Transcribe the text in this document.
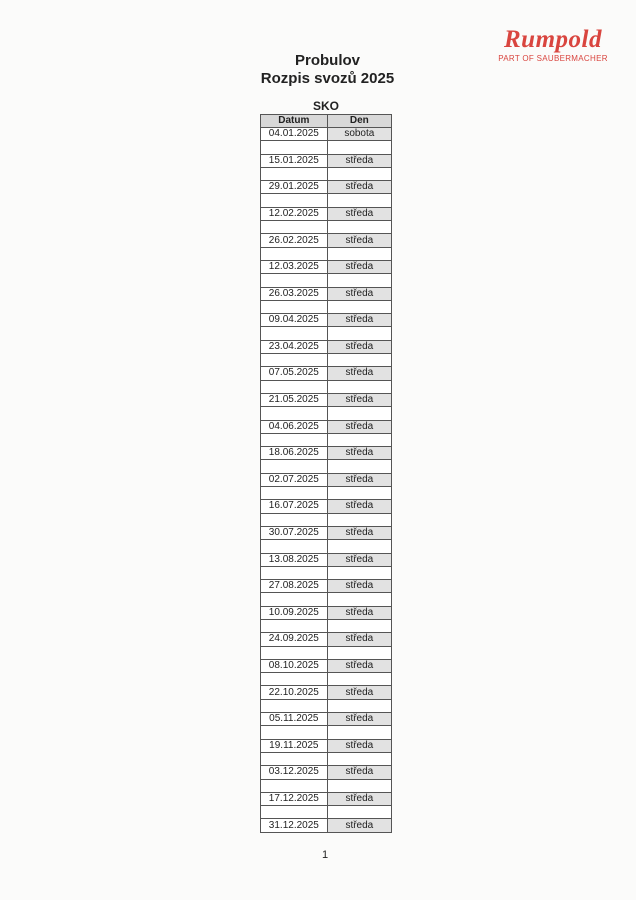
Rumpold
PART OF SAUBERMACHER
Probulov
Rozpis svozů 2025
SKO
Datum	Den
04.01.2025	sobota

15.01.2025	středa

29.01.2025	středa

12.02.2025	středa

26.02.2025	středa

12.03.2025	středa

26.03.2025	středa

09.04.2025	středa

23.04.2025	středa

07.05.2025	středa

21.05.2025	středa

04.06.2025	středa

18.06.2025	středa

02.07.2025	středa

16.07.2025	středa

30.07.2025	středa

13.08.2025	středa

27.08.2025	středa

10.09.2025	středa

24.09.2025	středa

08.10.2025	středa

22.10.2025	středa

05.11.2025	středa

19.11.2025	středa

03.12.2025	středa

17.12.2025	středa

31.12.2025	středa
1
